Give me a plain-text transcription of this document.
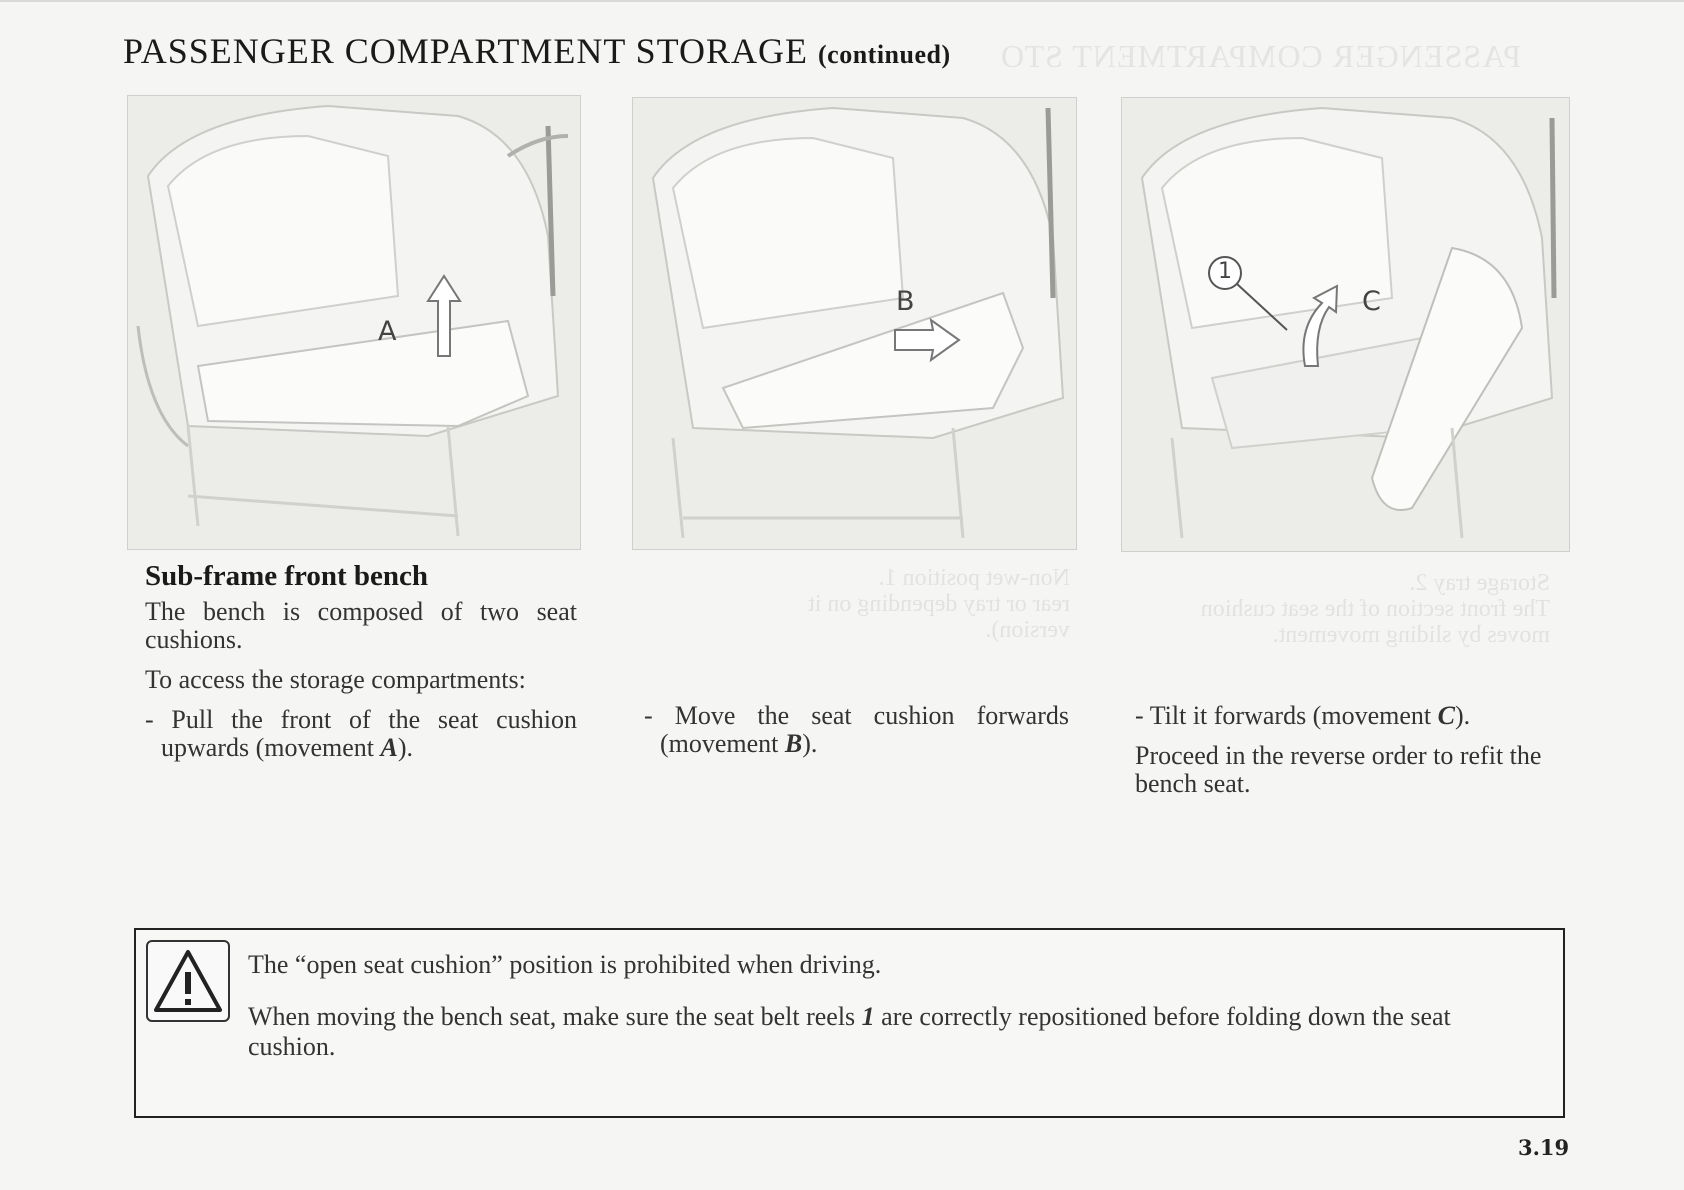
PASSENGER COMPARTMENT STORAGE (continued) PASSENGER COMPARTMENT STO
A
B
1
C
Sub-frame front bench

The bench is composed of two seat cushions.

To access the storage compartments:

- Pull the front of the seat cushion upwards (movement A).

- Move the seat cushion forwards (movement B).

- Tilt it forwards (movement C).

Proceed in the reverse order to refit the bench seat.

Non-wet position 1.
rear or tray depending on it
version).
Storage tray 2.
The front section of the seat cushion
moves by sliding movement.

The “open seat cushion” position is prohibited when driving.

When moving the bench seat, make sure the seat belt reels 1 are correctly repositioned before folding down the seat cushion.

3.19
